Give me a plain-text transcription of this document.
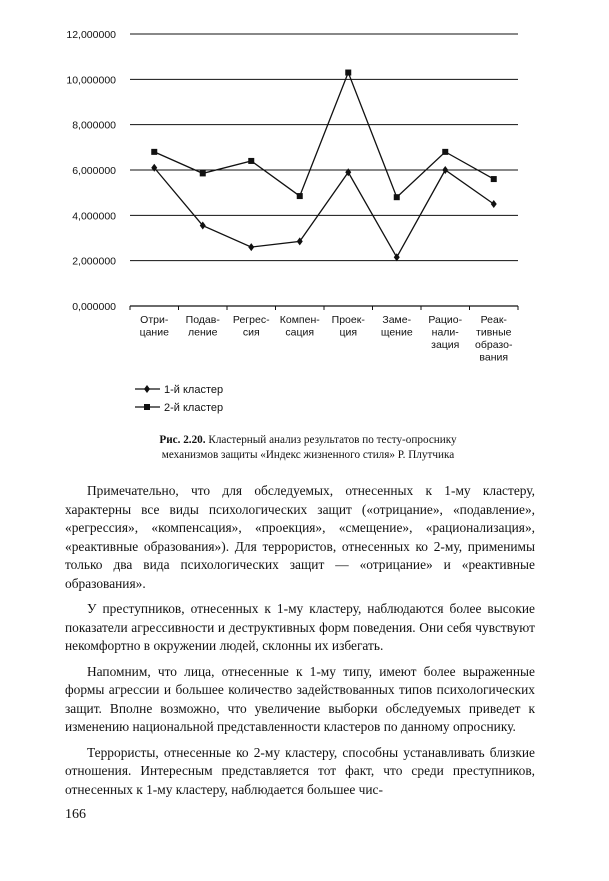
0,000000
2,000000
4,000000
6,000000
8,000000
10,000000
12,000000
Отри-
цание
Подав-
ление
Регрес-
сия
Компен-
сация
Проек-
ция
Заме-
щение
Рацио-
нали-
зация
Реак-
тивные
образо-
вания
1-й кластер
2-й кластер

Рис. 2.20. Кластерный анализ результатов по тесту-опроснику
механизмов защиты «Индекс жизненного стиля» Р. Плутчика

Примечательно, что для обследуемых, отнесенных к 1-му кластеру, характерны все виды психологических защит («отрицание», «подавление», «регрессия», «компенсация», «проекция», «смещение», «рационализация», «реактивные образования»). Для террористов, отнесенных ко 2-му, применимы только два вида психологических защит — «отрицание» и «реактивные образования».

У преступников, отнесенных к 1-му кластеру, наблюдаются более высокие показатели агрессивности и деструктивных форм поведения. Они себя чувствуют некомфортно в окружении людей, склонны их избегать.

Напомним, что лица, отнесенные к 1-му типу, имеют более выраженные формы агрессии и большее количество задействованных типов психологических защит. Вполне возможно, что увеличение выборки обследуемых приведет к изменению национальной представленности кластеров по данному опроснику.

Террористы, отнесенные ко 2-му кластеру, способны устанавливать близкие отношения. Интересным представляется тот факт, что среди преступников, отнесенных к 1-му кластеру, наблюдается большее чис-

166
